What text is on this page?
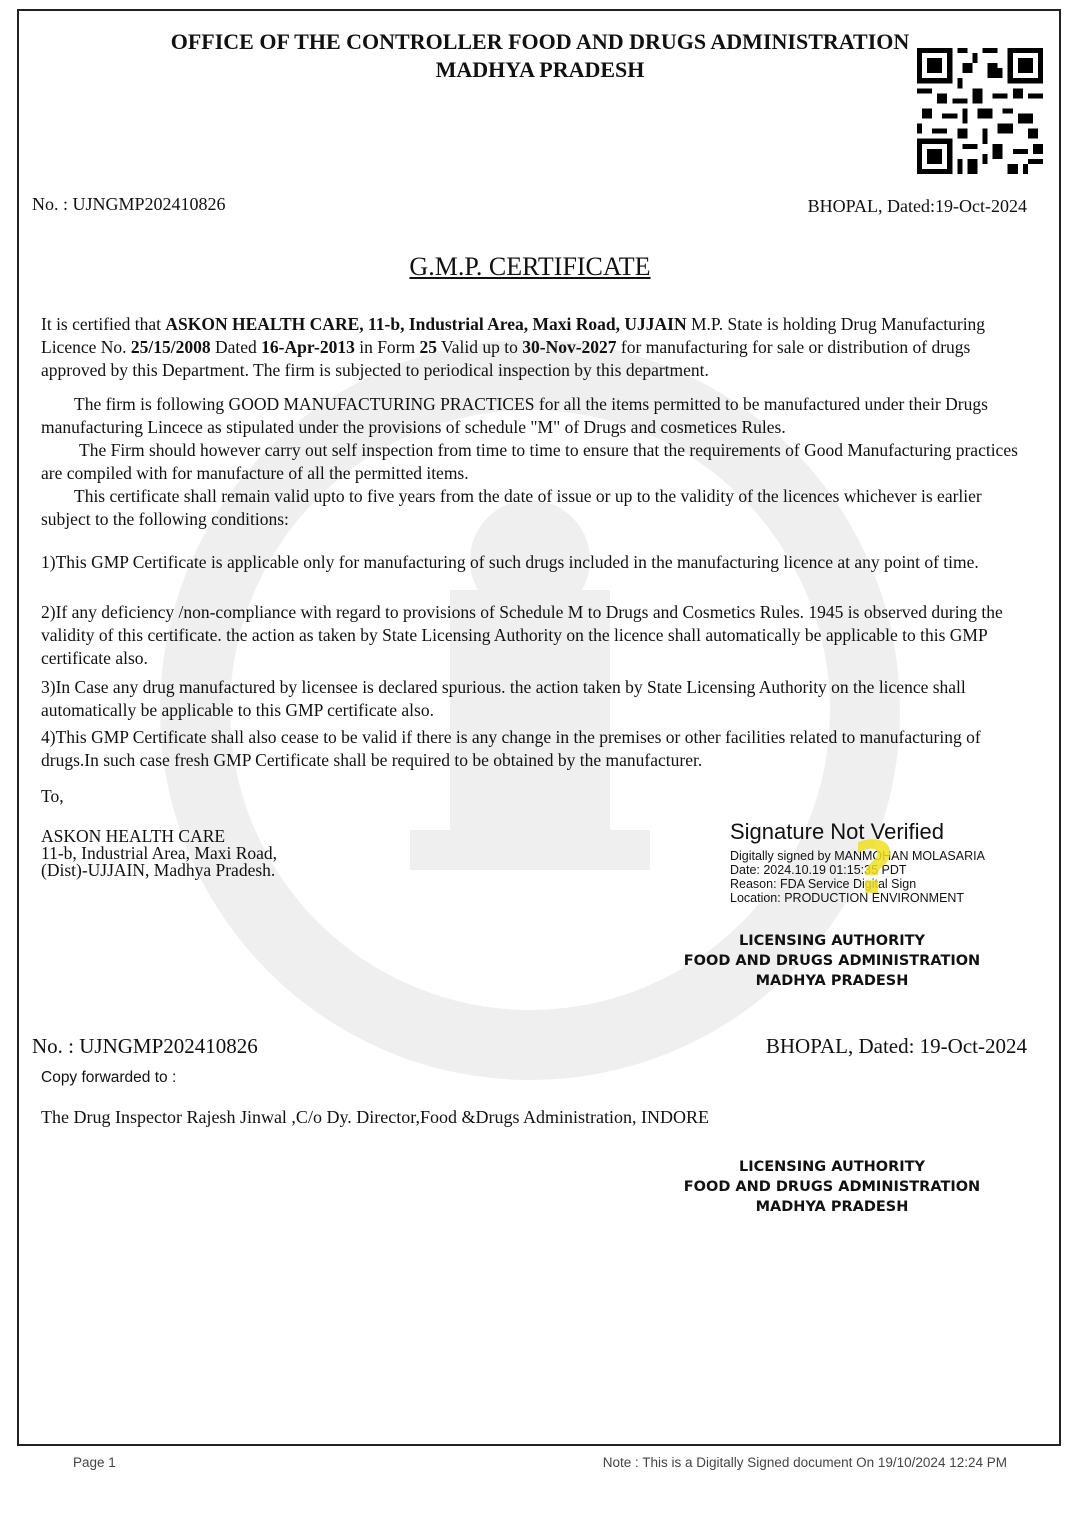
OFFICE OF THE CONTROLLER FOOD AND DRUGS ADMINISTRATION
MADHYA PRADESH
No. : UJNGMP202410826	BHOPAL, Dated:19-Oct-2024
G.M.P. CERTIFICATE
It is certified that ASKON HEALTH CARE, 11-b, Industrial Area, Maxi Road, UJJAIN M.P. State is holding Drug Manufacturing Licence No. 25/15/2008 Dated 16-Apr-2013 in Form 25 Valid up to 30-Nov-2027 for manufacturing for sale or distribution of drugs approved by this Department. The firm is subjected to periodical inspection by this department.
The firm is following GOOD MANUFACTURING PRACTICES for all the items permitted to be manufactured under their Drugs manufacturing Lincece as stipulated under the provisions of schedule "M" of Drugs and cosmetices Rules.
The Firm should however carry out self inspection from time to time to ensure that the requirements of Good Manufacturing practices are compiled with for manufacture of all the permitted items.
This certificate shall remain valid upto to five years from the date of issue or up to the validity of the licences whichever is earlier subject to the following conditions:
1)This GMP Certificate is applicable only for manufacturing of such drugs included in the manufacturing licence at any point of time.
2)If any deficiency /non-compliance with regard to provisions of Schedule M to Drugs and Cosmetics Rules. 1945 is observed during the validity of this certificate. the action as taken by State Licensing Authority on the licence shall automatically be applicable to this GMP certificate also.
3)In Case any drug manufactured by licensee is declared spurious. the action taken by State Licensing Authority on the licence shall automatically be applicable to this GMP certificate also.
4)This GMP Certificate shall also cease to be valid if there is any change in the premises or other facilities related to manufacturing of drugs.In such case fresh GMP Certificate shall be required to be obtained by the manufacturer.
To,
ASKON HEALTH CARE
11-b, Industrial Area, Maxi Road,
(Dist)-UJJAIN, Madhya Pradesh.
Signature Not Verified
Digitally signed by MANMOHAN MOLASARIA
Date: 2024.10.19 01:15:35 PDT
Reason: FDA Service Digital Sign
Location: PRODUCTION ENVIRONMENT
?
LICENSING AUTHORITY
FOOD AND DRUGS ADMINISTRATION
MADHYA PRADESH
No. : UJNGMP202410826	BHOPAL, Dated: 19-Oct-2024
Copy forwarded to :
The Drug Inspector Rajesh Jinwal ,C/o Dy. Director,Food &Drugs Administration, INDORE
LICENSING AUTHORITY
FOOD AND DRUGS ADMINISTRATION
MADHYA PRADESH
Page 1	Note : This is a Digitally Signed document On 19/10/2024 12:24 PM
